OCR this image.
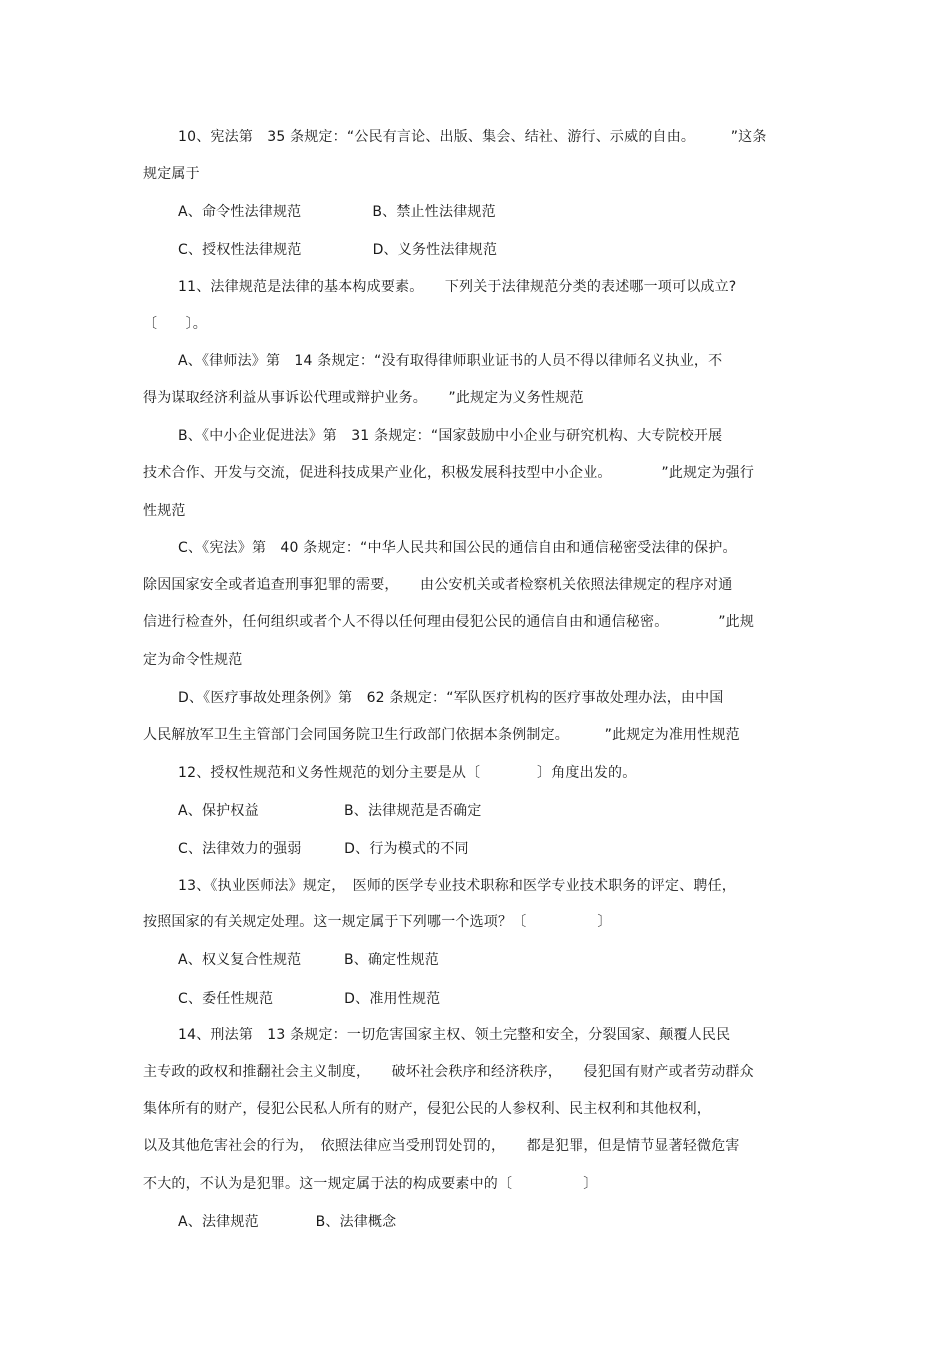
10、宪法第　35 条规定：“公民有言论、出版、集会、结社、游行、示威的自由。　　　”这条
规定属于
A、命令性法律规范　　　　　B、禁止性法律规范
C、授权性法律规范　　　　　D、义务性法律规范
11、法律规范是法律的基本构成要素。　　下列关于法律规范分类的表述哪一项可以成立?
〔　　〕。
A、《律师法》第　14 条规定：“没有取得律师职业证书的人员不得以律师名义执业，不
得为谋取经济利益从事诉讼代理或辩护业务。　　”此规定为义务性规范
B、《中小企业促进法》第　31 条规定：“国家鼓励中小企业与研究机构、大专院校开展
技术合作、开发与交流，促进科技成果产业化，积极发展科技型中小企业。　　　　”此规定为强行
性规范
C、《宪法》第　40 条规定：“中华人民共和国公民的通信自由和通信秘密受法律的保护。
除因国家安全或者追查刑事犯罪的需要，　　由公安机关或者检察机关依照法律规定的程序对通
信进行检查外，任何组织或者个人不得以任何理由侵犯公民的通信自由和通信秘密。　　　　”此规
定为命令性规范
D、《医疗事故处理条例》第　62 条规定：“军队医疗机构的医疗事故处理办法，由中国
人民解放军卫生主管部门会同国务院卫生行政部门依据本条例制定。　　　”此规定为准用性规范
12、授权性规范和义务性规范的划分主要是从〔　　　　〕角度出发的。
A、保护权益　　　　　　B、法律规范是否确定
C、法律效力的强弱　　　D、行为模式的不同
13、《执业医师法》规定，　医师的医学专业技术职称和医学专业技术职务的评定、聘任，
按照国家的有关规定处理。这一规定属于下列哪一个选项？〔　　　　　〕
A、权义复合性规范　　　B、确定性规范
C、委任性规范　　　　　D、准用性规范
14、刑法第　13 条规定：一切危害国家主权、领土完整和安全，分裂国家、颠覆人民民
主专政的政权和推翻社会主义制度，　　破坏社会秩序和经济秩序，　　侵犯国有财产或者劳动群众
集体所有的财产，侵犯公民私人所有的财产，侵犯公民的人参权利、民主权利和其他权利，
以及其他危害社会的行为，　依照法律应当受刑罚处罚的，　　都是犯罪，但是情节显著轻微危害
不大的，不认为是犯罪。这一规定属于法的构成要素中的〔　　　　　〕
A、法律规范　　　　B、法律概念
